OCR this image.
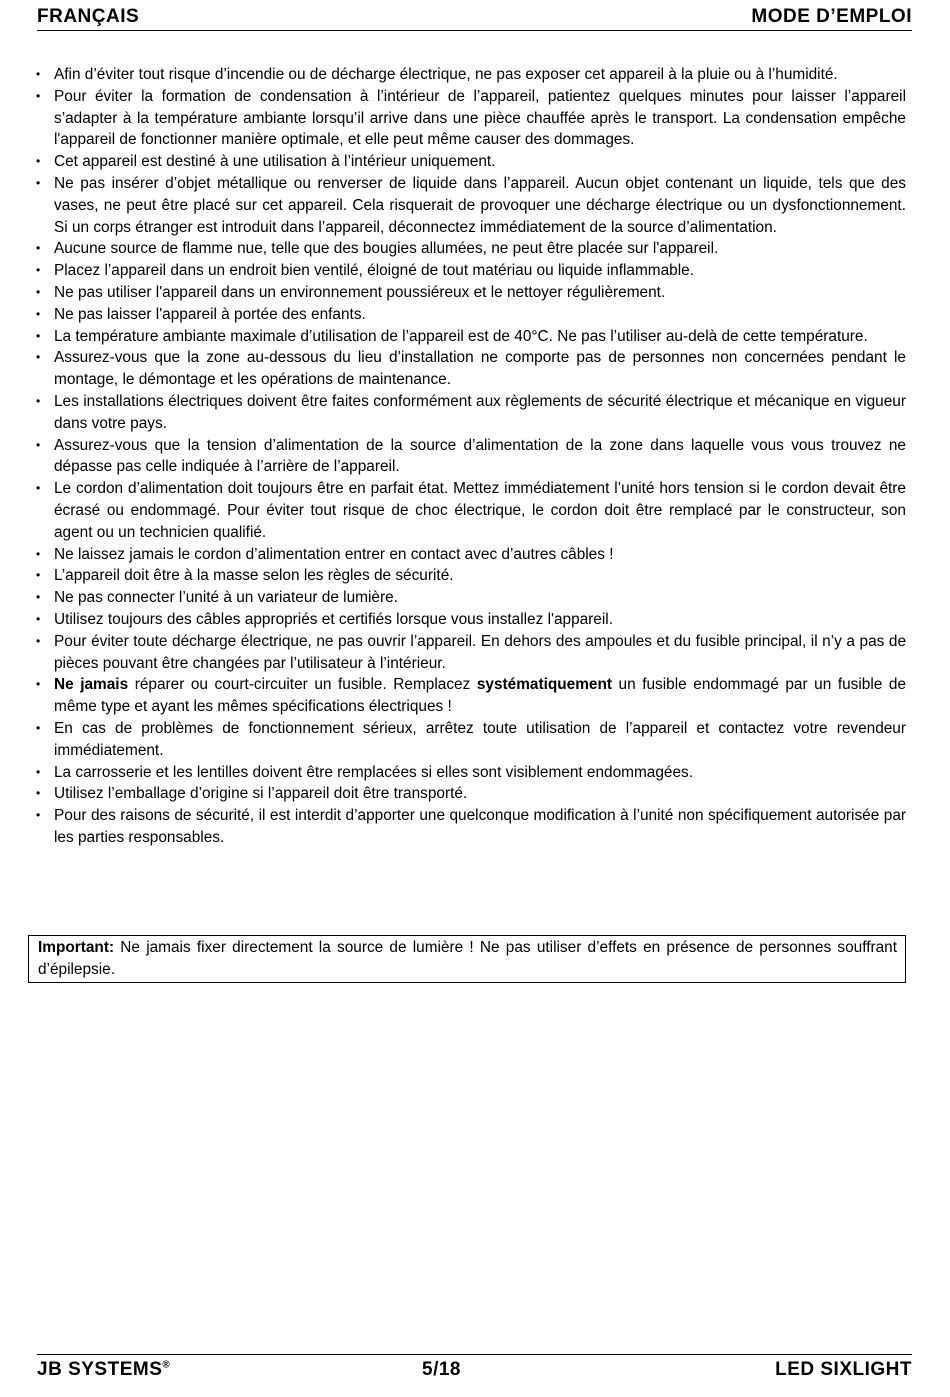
FRANÇAIS	MODE D’EMPLOI
• Afin d’éviter tout risque d’incendie ou de décharge électrique, ne pas exposer cet appareil à la pluie ou à l’humidité.
• Pour éviter la formation de condensation à l’intérieur de l’appareil, patientez quelques minutes pour laisser l’appareil s’adapter à la température ambiante lorsqu’il arrive dans une pièce chauffée après le transport. La condensation empêche l'appareil de fonctionner manière optimale, et elle peut même causer des dommages.
• Cet appareil est destiné à une utilisation à l’intérieur uniquement.
• Ne pas insérer d’objet métallique ou renverser de liquide dans l’appareil. Aucun objet contenant un liquide, tels que des vases, ne peut être placé sur cet appareil. Cela risquerait de provoquer une décharge électrique ou un dysfonctionnement. Si un corps étranger est introduit dans l’appareil, déconnectez immédiatement de la source d’alimentation.
• Aucune source de flamme nue, telle que des bougies allumées, ne peut être placée sur l'appareil.
• Placez l’appareil dans un endroit bien ventilé, éloigné de tout matériau ou liquide inflammable.
• Ne pas utiliser l'appareil dans un environnement poussiéreux et le nettoyer régulièrement.
• Ne pas laisser l'appareil à portée des enfants.
• La température ambiante maximale d’utilisation de l’appareil est de 40°C. Ne pas l’utiliser au-delà de cette température.
• Assurez-vous que la zone au-dessous du lieu d’installation ne comporte pas de personnes non concernées pendant le montage, le démontage et les opérations de maintenance.
• Les installations électriques doivent être faites conformément aux règlements de sécurité électrique et mécanique en vigueur dans votre pays.
• Assurez-vous que la tension d’alimentation de la source d’alimentation de la zone dans laquelle vous vous trouvez ne dépasse pas celle indiquée à l’arrière de l’appareil.
• Le cordon d’alimentation doit toujours être en parfait état. Mettez immédiatement l’unité hors tension si le cordon devait être écrasé ou endommagé. Pour éviter tout risque de choc électrique, le cordon doit être remplacé par le constructeur, son agent ou un technicien qualifié.
• Ne laissez jamais le cordon d’alimentation entrer en contact avec d’autres câbles !
• L’appareil doit être à la masse selon les règles de sécurité.
• Ne pas connecter l’unité à un variateur de lumière.
• Utilisez toujours des câbles appropriés et certifiés lorsque vous installez l'appareil.
• Pour éviter toute décharge électrique, ne pas ouvrir l’appareil. En dehors des ampoules et du fusible principal, il n’y a pas de pièces pouvant être changées par l’utilisateur à l’intérieur.
• Ne jamais réparer ou court-circuiter un fusible. Remplacez systématiquement un fusible endommagé par un fusible de même type et ayant les mêmes spécifications électriques !
• En cas de problèmes de fonctionnement sérieux, arrêtez toute utilisation de l’appareil et contactez votre revendeur immédiatement.
• La carrosserie et les lentilles doivent être remplacées si elles sont visiblement endommagées.
• Utilisez l’emballage d’origine si l’appareil doit être transporté.
• Pour des raisons de sécurité, il est interdit d’apporter une quelconque modification à l’unité non spécifiquement autorisée par les parties responsables.
Important: Ne jamais fixer directement la source de lumière ! Ne pas utiliser d’effets en présence de personnes souffrant d’épilepsie.
JB SYSTEMS®	5/18	LED SIXLIGHT
